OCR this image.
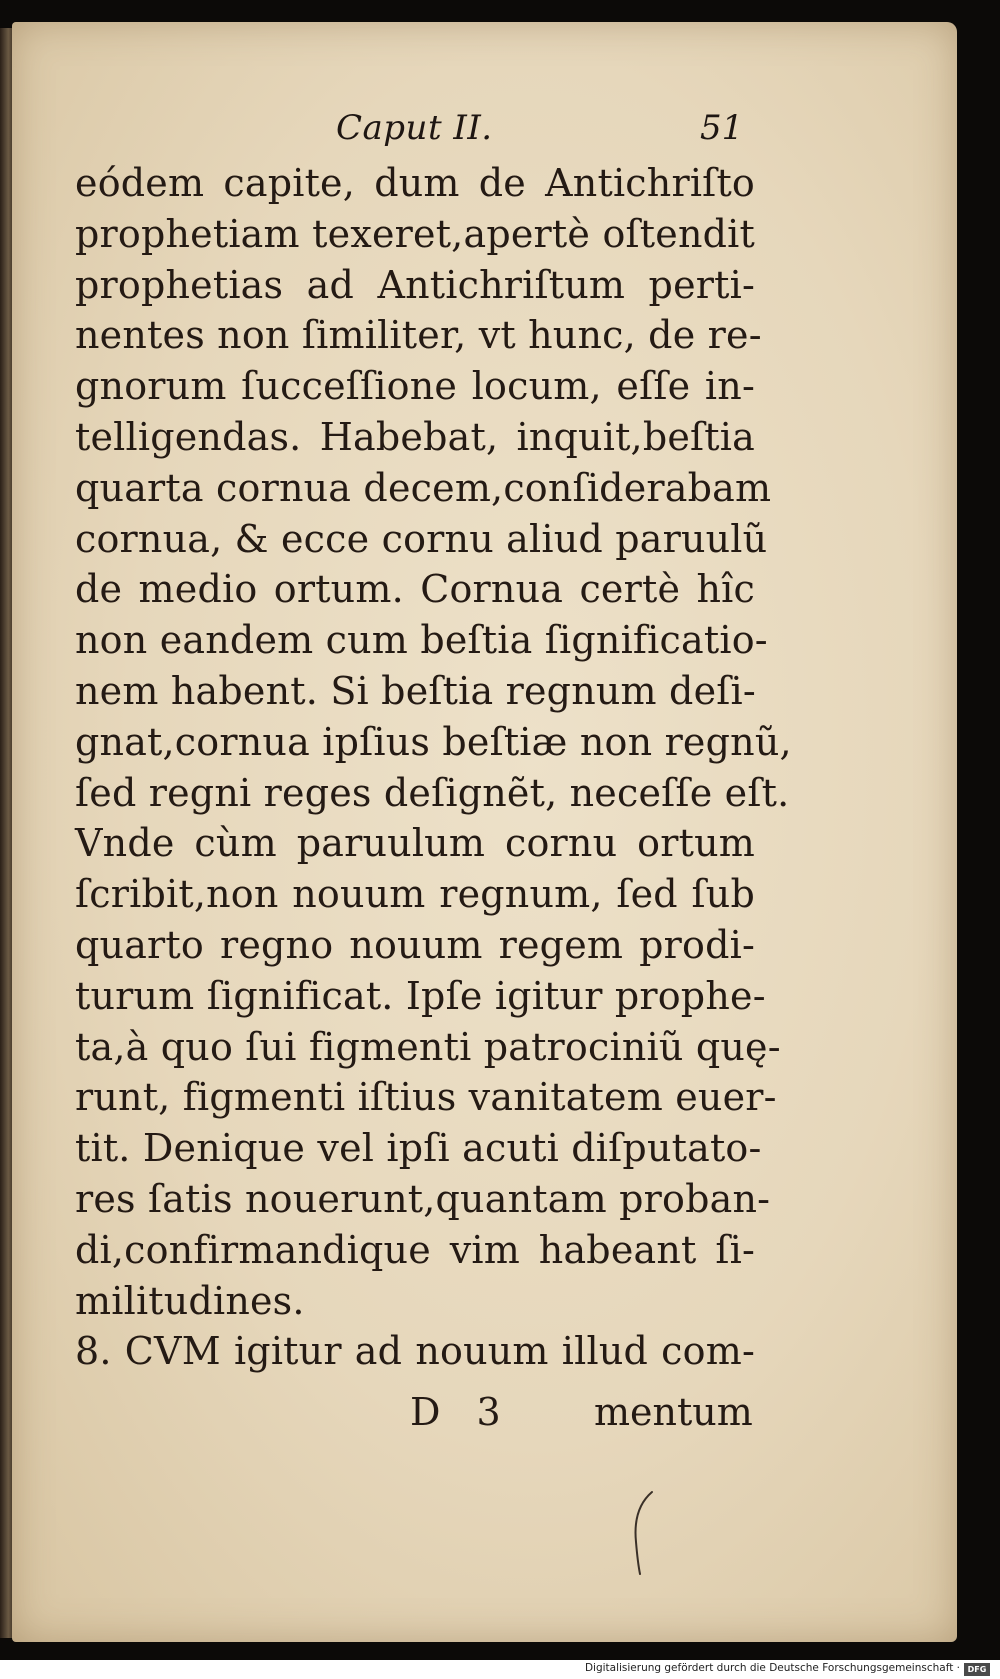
Caput II.	51
eódem capite, dum de Antichriſto
prophetiam texeret,apertè oſtendit
prophetias ad Antichriſtum perti-
nentes non ſimiliter, vt hunc, de re-
gnorum ſucceſſione locum, eſſe in-
telligendas. Habebat, inquit,beſtia
quarta cornua decem,conſiderabam
cornua, & ecce cornu aliud paruulũ
de medio ortum. Cornua certè hîc
non eandem cum beſtia ſignificatio-
nem habent. Si beſtia regnum deſi-
gnat,cornua ipſius beſtiæ non regnũ,
ſed regni reges deſignẽt, neceſſe eſt.
Vnde cùm paruulum cornu ortum
ſcribit,non nouum regnum, ſed ſub
quarto regno nouum regem prodi-
turum ſignificat. Ipſe igitur prophe-
ta,à quo ſui figmenti patrociniũ quę-
runt, figmenti iſtius vanitatem euer-
tit. Denique vel ipſi acuti diſputato-
res ſatis nouerunt,quantam proban-
di,confirmandique vim habeant ſi-
militudines.
8. CVM igitur ad nouum illud com-
D 3 mentum
Digitalisierung gefördert durch die Deutsche Forschungsgemeinschaft · DFG
